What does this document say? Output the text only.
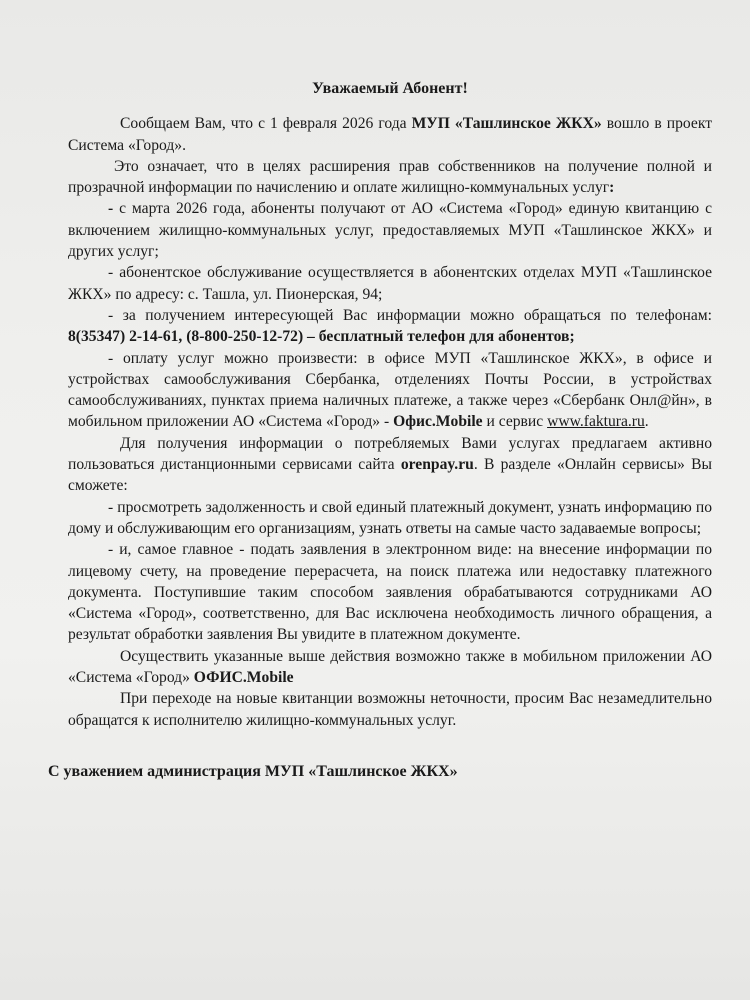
Уважаемый Абонент!

Сообщаем Вам, что с 1 февраля 2026 года МУП «Ташлинское ЖКХ» вошло в проект Система «Город».

Это означает, что в целях расширения прав собственников на получение полной и прозрачной информации по начислению и оплате жилищно-коммунальных услуг:

- с марта 2026 года, абоненты получают от АО «Система «Город» единую квитанцию с включением жилищно-коммунальных услуг, предоставляемых МУП «Ташлинское ЖКХ» и других услуг;

- абонентское обслуживание осуществляется в абонентских отделах МУП «Ташлинское ЖКХ» по адресу: с. Ташла, ул. Пионерская, 94;

- за получением интересующей Вас информации можно обращаться по телефонам: 8(35347) 2-14-61, (8-800-250-12-72) – бесплатный телефон для абонентов;

- оплату услуг можно произвести: в офисе МУП «Ташлинское ЖКХ», в офисе и устройствах самообслуживания Сбербанка, отделениях Почты России, в устройствах самообслуживаниях, пунктах приема наличных платеже, а также через «Сбербанк Онл@йн», в мобильном приложении АО «Система «Город» - Офис.Mobile и сервис www.faktura.ru.

Для получения информации о потребляемых Вами услугах предлагаем активно пользоваться дистанционными сервисами сайта orenpay.ru. В разделе «Онлайн сервисы» Вы сможете:

- просмотреть задолженность и свой единый платежный документ, узнать информацию по дому и обслуживающим его организациям, узнать ответы на самые часто задаваемые вопросы;

- и, самое главное - подать заявления в электронном виде: на внесение информации по лицевому счету, на проведение перерасчета, на поиск платежа или недоставку платежного документа. Поступившие таким способом заявления обрабатываются сотрудниками АО «Система «Город», соответственно, для Вас исключена необходимость личного обращения, а результат обработки заявления Вы увидите в платежном документе.

Осуществить указанные выше действия возможно также в мобильном приложении АО «Система «Город» ОФИС.Mobile

При переходе на новые квитанции возможны неточности, просим Вас незамедлительно обращатся к исполнителю жилищно-коммунальных услуг.

С уважением администрация МУП «Ташлинское ЖКХ»
